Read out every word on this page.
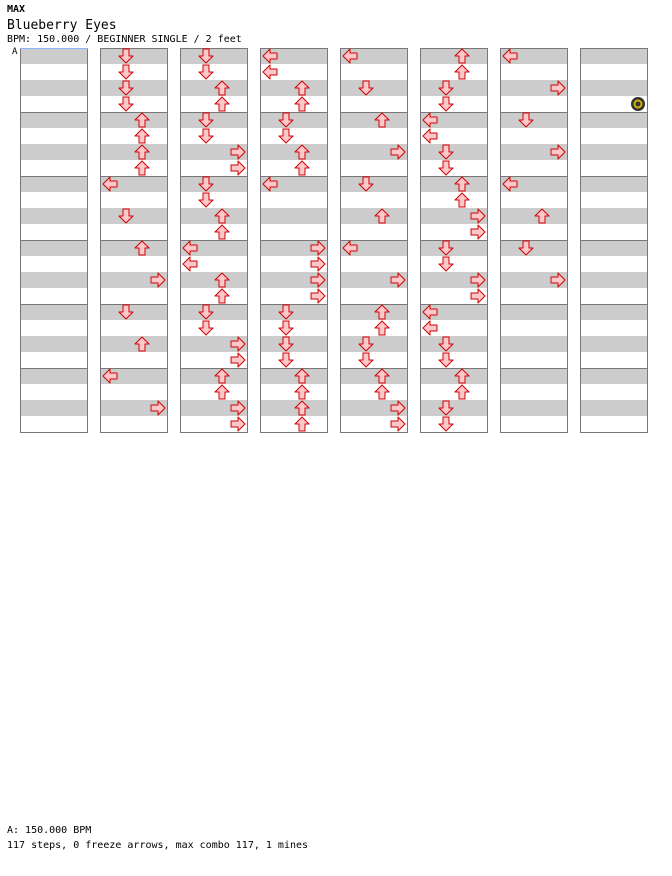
MAX
Blueberry Eyes
BPM: 150.000 / BEGINNER SINGLE / 2 feet
A
A: 150.000 BPM
117 steps, 0 freeze arrows, max combo 117, 1 mines
